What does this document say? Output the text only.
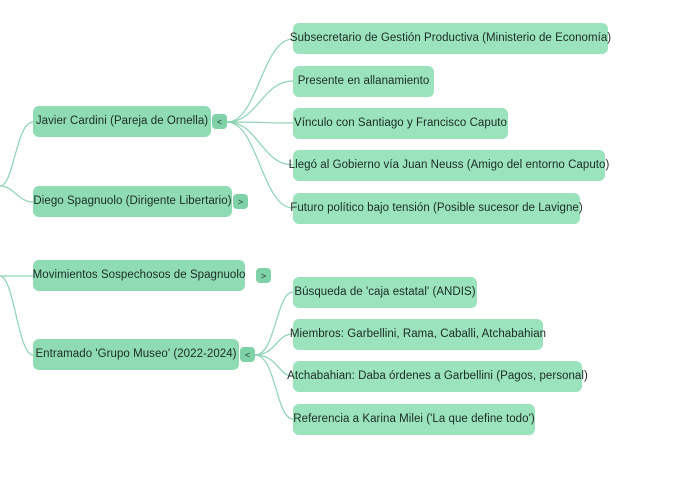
Javier Cardini (Pareja de Ornella) <
Subsecretario de Gestión Productiva (Ministerio de Economía)
Presente en allanamiento
Vínculo con Santiago y Francisco Caputo
Llegó al Gobierno vía Juan Neuss (Amigo del entorno Caputo)
Futuro político bajo tensión (Posible sucesor de Lavigne)
Diego Spagnuolo (Dirigente Libertario) >
Movimientos Sospechosos de Spagnuolo >
Entramado 'Grupo Museo' (2022-2024) <
Búsqueda de 'caja estatal' (ANDIS)
Miembros: Garbellini, Rama, Caballi, Atchabahian
Atchabahian: Daba órdenes a Garbellini (Pagos, personal)
Referencia a Karina Milei ('La que define todo')
